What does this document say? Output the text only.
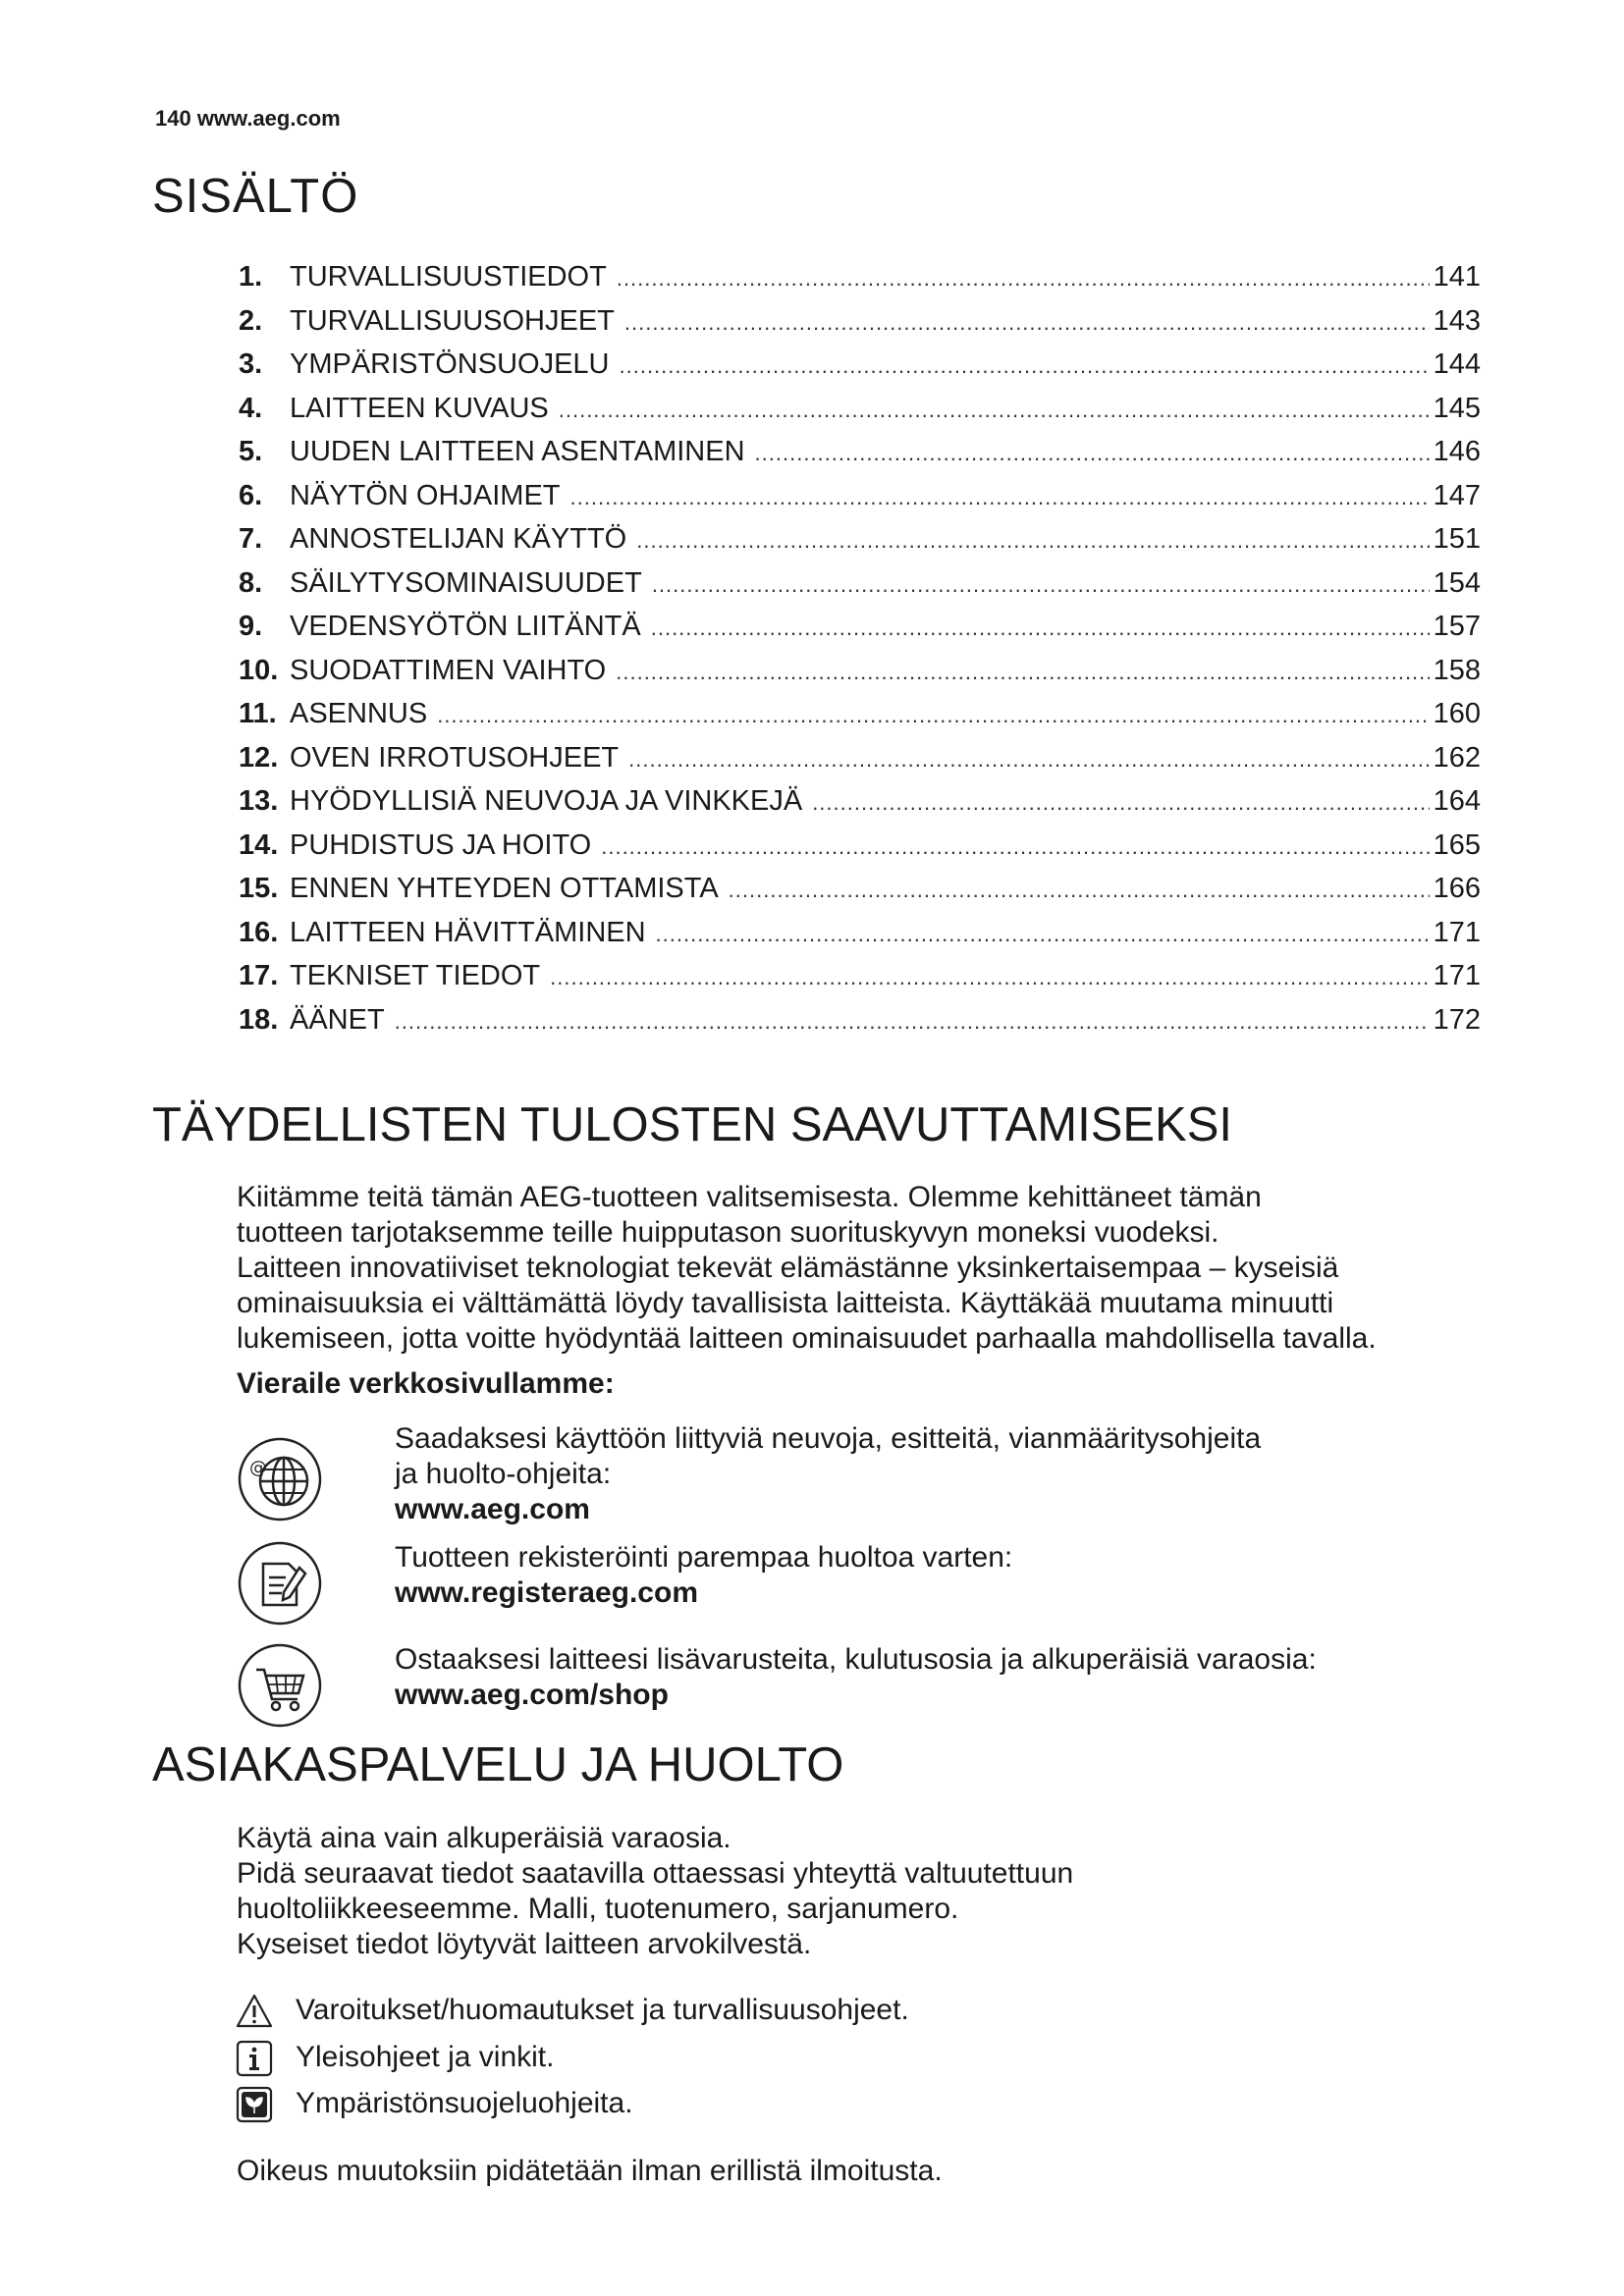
140 www.aeg.com
SISÄLTÖ
1. TURVALLISUUSTIEDOT .....	141
2. TURVALLISUUSOHJEET .....	143
3. YMPÄRISTÖNSUOJELU .....	144
4. LAITTEEN KUVAUS .....	145
5. UUDEN LAITTEEN ASENTAMINEN .....	146
6. NÄYTÖN OHJAIMET .....	147
7. ANNOSTELIJAN KÄYTTÖ .....	151
8. SÄILYTYSOMINAISUUDET .....	154
9. VEDENSYÖTÖN LIITÄNTÄ .....	157
10. SUODATTIMEN VAIHTO .....	158
11. ASENNUS .....	160
12. OVEN IRROTUSOHJEET .....	162
13. HYÖDYLLISIÄ NEUVOJA JA VINKKEJÄ .....	164
14. PUHDISTUS JA HOITO .....	165
15. ENNEN YHTEYDEN OTTAMISTA .....	166
16. LAITTEEN HÄVITTÄMINEN .....	171
17. TEKNISET TIEDOT .....	171
18. ÄÄNET .....	172
TÄYDELLISTEN TULOSTEN SAAVUTTAMISEKSI

Kiitämme teitä tämän AEG-tuotteen valitsemisesta. Olemme kehittäneet tämän

tuotteen tarjotaksemme teille huipputason suorituskyvyn moneksi vuodeksi.

Laitteen innovatiiviset teknologiat tekevät elämästänne yksinkertaisempaa – kyseisiä

ominaisuuksia ei välttämättä löydy tavallisista laitteista. Käyttäkää muutama minuutti

lukemiseen, jotta voitte hyödyntää laitteen ominaisuudet parhaalla mahdollisella tavalla.

Vieraile verkkosivullamme:
@
Saadaksesi käyttöön liittyviä neuvoja, esitteitä, vianmääritysohjeita
ja huolto-ohjeita:
www.aeg.com
Tuotteen rekisteröinti parempaa huoltoa varten:
www.registeraeg.com
Ostaaksesi laitteesi lisävarusteita, kulutusosia ja alkuperäisiä varaosia:
www.aeg.com/shop
ASIAKASPALVELU JA HUOLTO

Käytä aina vain alkuperäisiä varaosia.

Pidä seuraavat tiedot saatavilla ottaessasi yhteyttä valtuutettuun

huoltoliikkeeseemme. Malli, tuotenumero, sarjanumero.

Kyseiset tiedot löytyvät laitteen arvokilvestä.

Varoitukset/huomautukset ja turvallisuusohjeet.
Yleisohjeet ja vinkit.
Ympäristönsuojeluohjeita.
Oikeus muutoksiin pidätetään ilman erillistä ilmoitusta.
